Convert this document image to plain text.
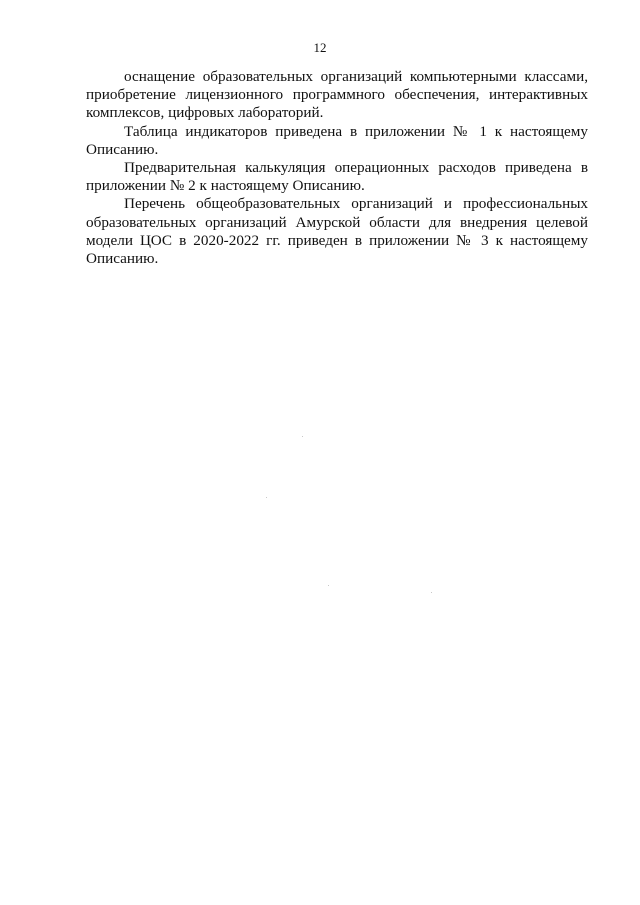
12

оснащение образовательных организаций компьютерными классами, приобретение лицензионного программного обеспечения, интерактивных комплексов, цифровых лабораторий.

Таблица индикаторов приведена в приложении № 1 к настоящему Описанию.

Предварительная калькуляция операционных расходов приведена в приложении № 2 к настоящему Описанию.

Перечень общеобразовательных организаций и профессиональных образовательных организаций Амурской области для внедрения целевой модели ЦОС в 2020-2022 гг. приведен в приложении № 3 к настоящему Описанию.
